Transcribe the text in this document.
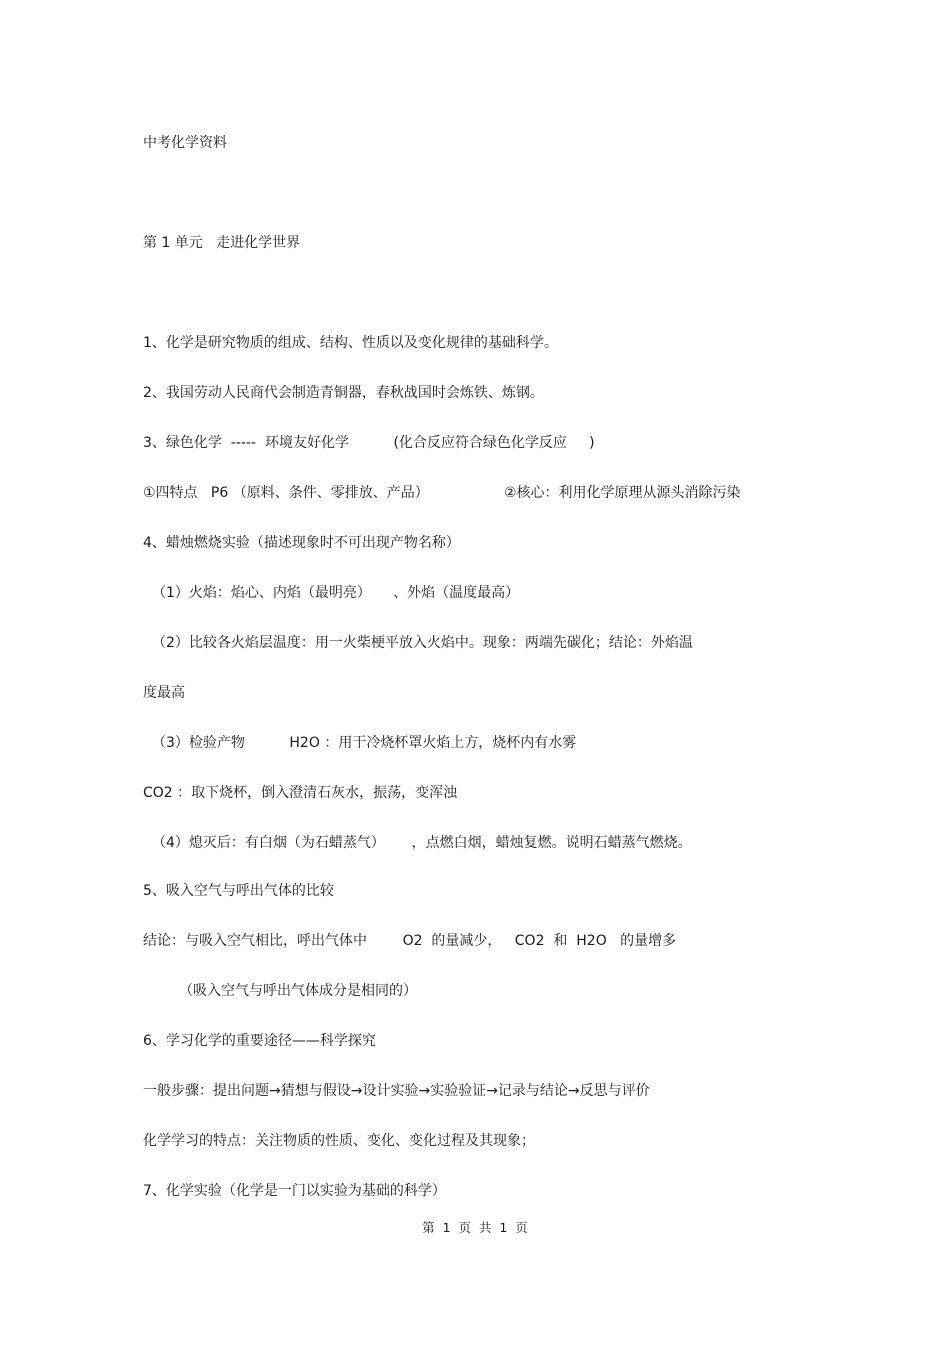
中考化学资料
第 1 单元   走进化学世界
1、化学是研究物质的组成、结构、性质以及变化规律的基础科学。
2、我国劳动人民商代会制造青铜器，春秋战国时会炼铁、炼钢。
3、绿色化学  -----  环境友好化学          (化合反应符合绿色化学反应     )
①四特点   P6 （原料、条件、零排放、产品）	②核心：利用化学原理从源头消除污染
4、蜡烛燃烧实验（描述现象时不可出现产物名称）
（1）火焰：焰心、内焰（最明亮）     、外焰（温度最高）
（2）比较各火焰层温度：用一火柴梗平放入火焰中。现象：两端先碳化；结论：外焰温
度最高
（3）检验产物          H2O ：用干冷烧杯罩火焰上方，烧杯内有水雾
CO2 ：取下烧杯，倒入澄清石灰水，振荡，变浑浊
（4）熄灭后：有白烟（为石蜡蒸气）      ，点燃白烟，蜡烛复燃。说明石蜡蒸气燃烧。
5、吸入空气与呼出气体的比较
结论：与吸入空气相比，呼出气体中        O2  的量减少，   CO2  和  H2O   的量增多
（吸入空气与呼出气体成分是相同的）
6、学习化学的重要途径——科学探究
一般步骤：提出问题→猜想与假设→设计实验→实验验证→记录与结论→反思与评价
化学学习的特点：关注物质的性质、变化、变化过程及其现象；
7、化学实验（化学是一门以实验为基础的科学）
第  1  页  共  1  页
